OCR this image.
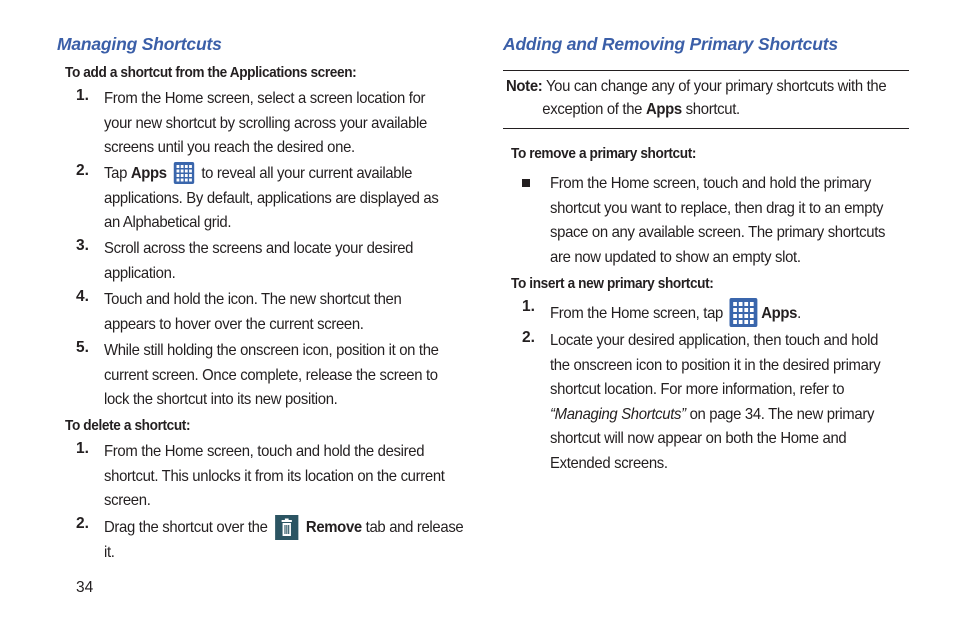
Managing Shortcuts
To add a shortcut from the Applications screen:
1. From the Home screen, select a screen location for
your new shortcut by scrolling across your available
screens until you reach the desired one.
2. Tap Apps to reveal all your current available
applications. By default, applications are displayed as
an Alphabetical grid.
3. Scroll across the screens and locate your desired
application.
4. Touch and hold the icon. The new shortcut then
appears to hover over the current screen.
5. While still holding the onscreen icon, position it on the
current screen. Once complete, release the screen to
lock the shortcut into its new position.
To delete a shortcut:
1. From the Home screen, touch and hold the desired
shortcut. This unlocks it from its location on the current
screen.
2. Drag the shortcut over the Remove tab and release
it.
Adding and Removing Primary Shortcuts
Note: You can change any of your primary shortcuts with the
exception of the Apps shortcut.
To remove a primary shortcut:
From the Home screen, touch and hold the primary
shortcut you want to replace, then drag it to an empty
space on any available screen. The primary shortcuts
are now updated to show an empty slot.
To insert a new primary shortcut:
1. From the Home screen, tap Apps.
2. Locate your desired application, then touch and hold
the onscreen icon to position it in the desired primary
shortcut location. For more information, refer to
“Managing Shortcuts” on page 34. The new primary
shortcut will now appear on both the Home and
Extended screens.
34
